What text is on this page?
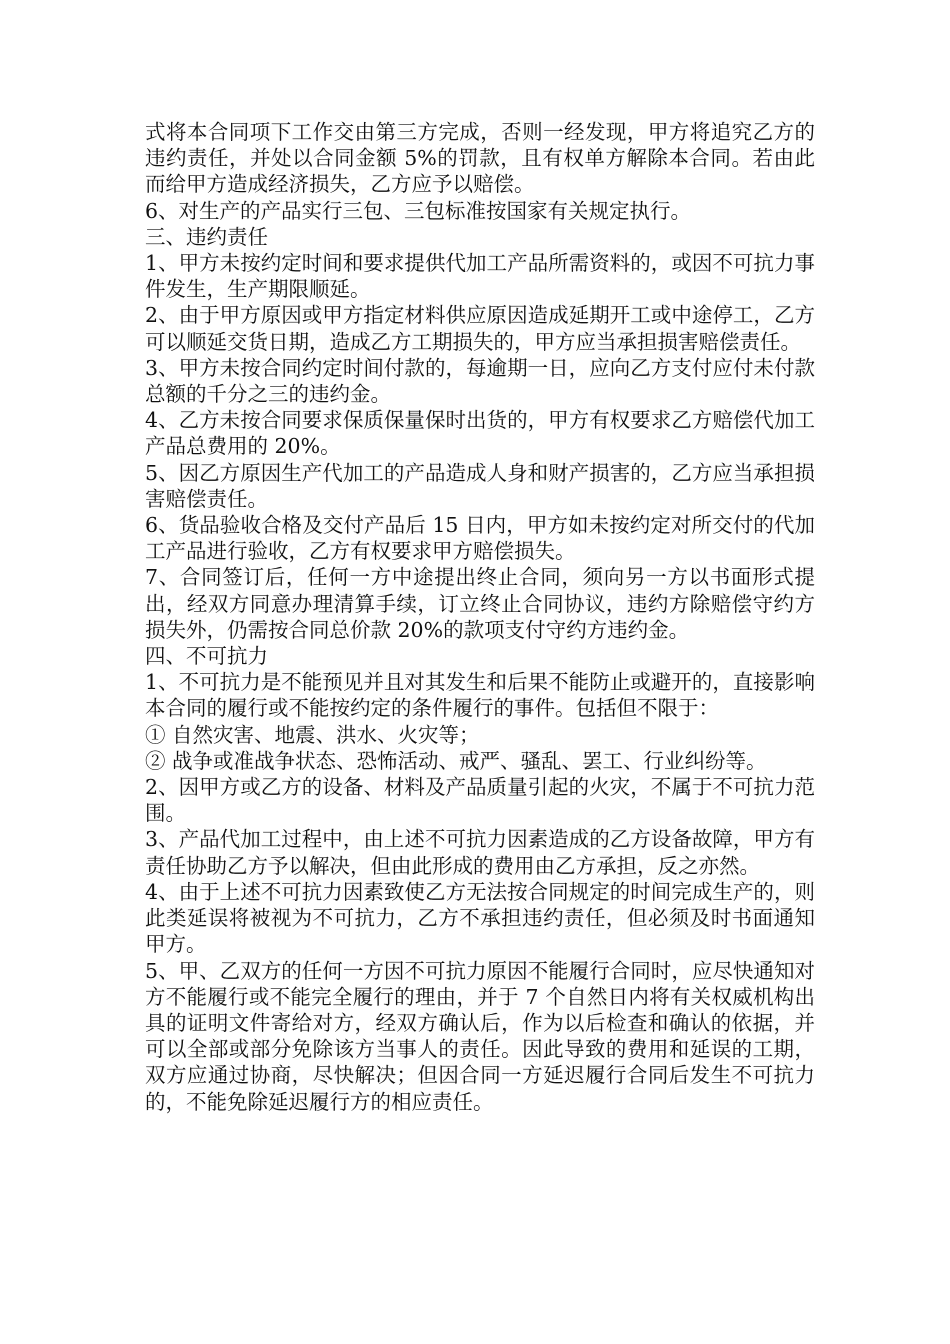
式将本合同项下工作交由第三方完成，否则一经发现，甲方将追究乙方的违约责任，并处以合同金额 5%的罚款，且有权单方解除本合同。若由此而给甲方造成经济损失，乙方应予以赔偿。

6、对生产的产品实行三包、三包标准按国家有关规定执行。

三、违约责任

1、甲方未按约定时间和要求提供代加工产品所需资料的，或因不可抗力事件发生，生产期限顺延。

2、由于甲方原因或甲方指定材料供应原因造成延期开工或中途停工，乙方可以顺延交货日期，造成乙方工期损失的，甲方应当承担损害赔偿责任。

3、甲方未按合同约定时间付款的，每逾期一日，应向乙方支付应付未付款总额的千分之三的违约金。

4、乙方未按合同要求保质保量保时出货的，甲方有权要求乙方赔偿代加工产品总费用的 20%。

5、因乙方原因生产代加工的产品造成人身和财产损害的，乙方应当承担损害赔偿责任。

6、货品验收合格及交付产品后 15 日内，甲方如未按约定对所交付的代加工产品进行验收，乙方有权要求甲方赔偿损失。

7、合同签订后，任何一方中途提出终止合同，须向另一方以书面形式提出，经双方同意办理清算手续，订立终止合同协议，违约方除赔偿守约方损失外，仍需按合同总价款 20%的款项支付守约方违约金。

四、不可抗力

1、不可抗力是不能预见并且对其发生和后果不能防止或避开的，直接影响本合同的履行或不能按约定的条件履行的事件。包括但不限于：

① 自然灾害、地震、洪水、火灾等；

② 战争或准战争状态、恐怖活动、戒严、骚乱、罢工、行业纠纷等。

2、因甲方或乙方的设备、材料及产品质量引起的火灾，不属于不可抗力范围。

3、产品代加工过程中，由上述不可抗力因素造成的乙方设备故障，甲方有责任协助乙方予以解决，但由此形成的费用由乙方承担，反之亦然。

4、由于上述不可抗力因素致使乙方无法按合同规定的时间完成生产的，则此类延误将被视为不可抗力，乙方不承担违约责任，但必须及时书面通知甲方。

5、甲、乙双方的任何一方因不可抗力原因不能履行合同时，应尽快通知对方不能履行或不能完全履行的理由，并于 7 个自然日内将有关权威机构出具的证明文件寄给对方，经双方确认后，作为以后检查和确认的依据，并可以全部或部分免除该方当事人的责任。因此导致的费用和延误的工期，双方应通过协商，尽快解决；但因合同一方延迟履行合同后发生不可抗力的，不能免除延迟履行方的相应责任。
